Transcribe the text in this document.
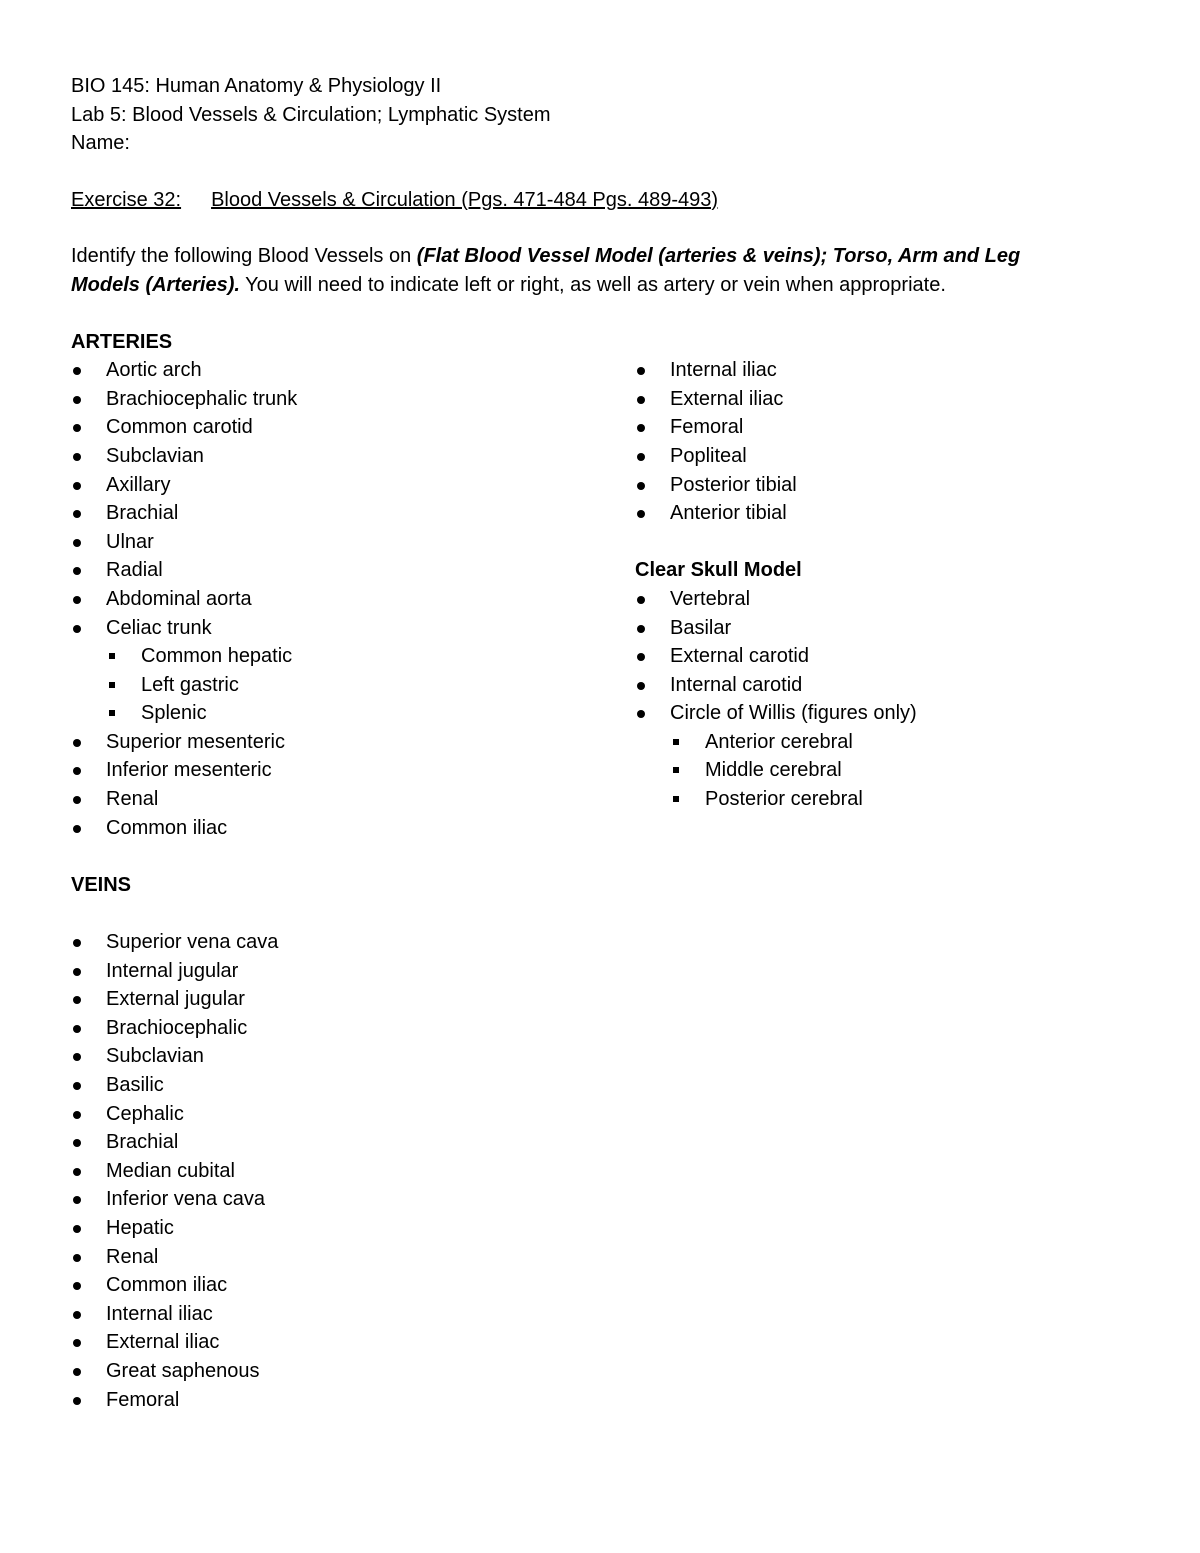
BIO 145: Human Anatomy & Physiology II
Lab 5: Blood Vessels & Circulation; Lymphatic System
Name:
Exercise 32: Blood Vessels & Circulation (Pgs. 471-484 Pgs. 489-493)
Identify the following Blood Vessels on (Flat Blood Vessel Model (arteries & veins); Torso, Arm and Leg Models (Arteries). You will need to indicate left or right, as well as artery or vein when appropriate.
ARTERIES
Aortic arch
Brachiocephalic trunk
Common carotid
Subclavian
Axillary
Brachial
Ulnar
Radial
Abdominal aorta
Celiac trunk
Common hepatic
Left gastric
Splenic
Superior mesenteric
Inferior mesenteric
Renal
Common iliac
VEINS
Superior vena cava
Internal jugular
External jugular
Brachiocephalic
Subclavian
Basilic
Cephalic
Brachial
Median cubital
Inferior vena cava
Hepatic
Renal
Common iliac
Internal iliac
External iliac
Great saphenous
Femoral
Internal iliac
External iliac
Femoral
Popliteal
Posterior tibial
Anterior tibial
Clear Skull Model
Vertebral
Basilar
External carotid
Internal carotid
Circle of Willis (figures only)
Anterior cerebral
Middle cerebral
Posterior cerebral
